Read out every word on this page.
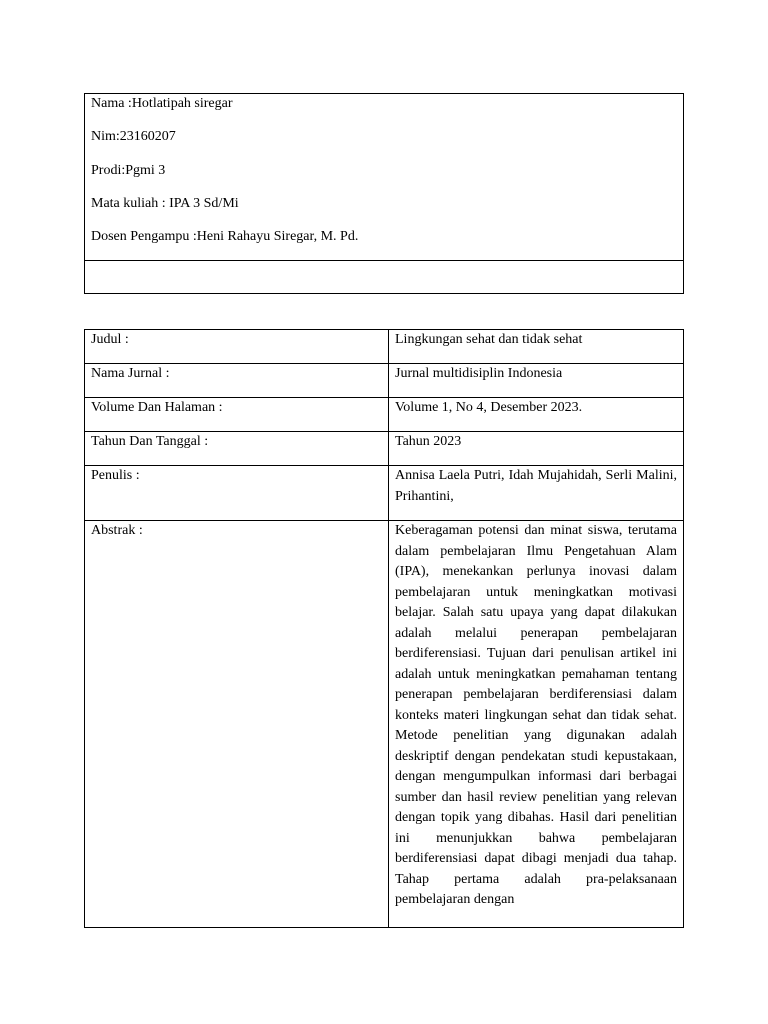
Nama :Hotlatipah siregar
Nim:23160207
Prodi:Pgmi 3
Mata kuliah : IPA 3 Sd/Mi
Dosen Pengampu :Heni Rahayu Siregar, M. Pd.
Judul :	Lingkungan sehat dan tidak sehat
Nama Jurnal :	Jurnal multidisiplin Indonesia
Volume Dan Halaman :	Volume 1, No 4, Desember 2023.
Tahun Dan Tanggal :	Tahun 2023
Penulis :	Annisa Laela Putri, Idah Mujahidah, Serli Malini, Prihantini,
Abstrak :	Keberagaman potensi dan minat siswa, terutama dalam pembelajaran Ilmu Pengetahuan Alam (IPA), menekankan perlunya inovasi dalam pembelajaran untuk meningkatkan motivasi belajar. Salah satu upaya yang dapat dilakukan adalah melalui penerapan pembelajaran berdiferensiasi. Tujuan dari penulisan artikel ini adalah untuk meningkatkan pemahaman tentang penerapan pembelajaran berdiferensiasi dalam konteks materi lingkungan sehat dan tidak sehat. Metode penelitian yang digunakan adalah deskriptif dengan pendekatan studi kepustakaan, dengan mengumpulkan informasi dari berbagai sumber dan hasil review penelitian yang relevan dengan topik yang dibahas. Hasil dari penelitian ini menunjukkan bahwa pembelajaran berdiferensiasi dapat dibagi menjadi dua tahap. Tahap pertama adalah pra-pelaksanaan pembelajaran dengan
